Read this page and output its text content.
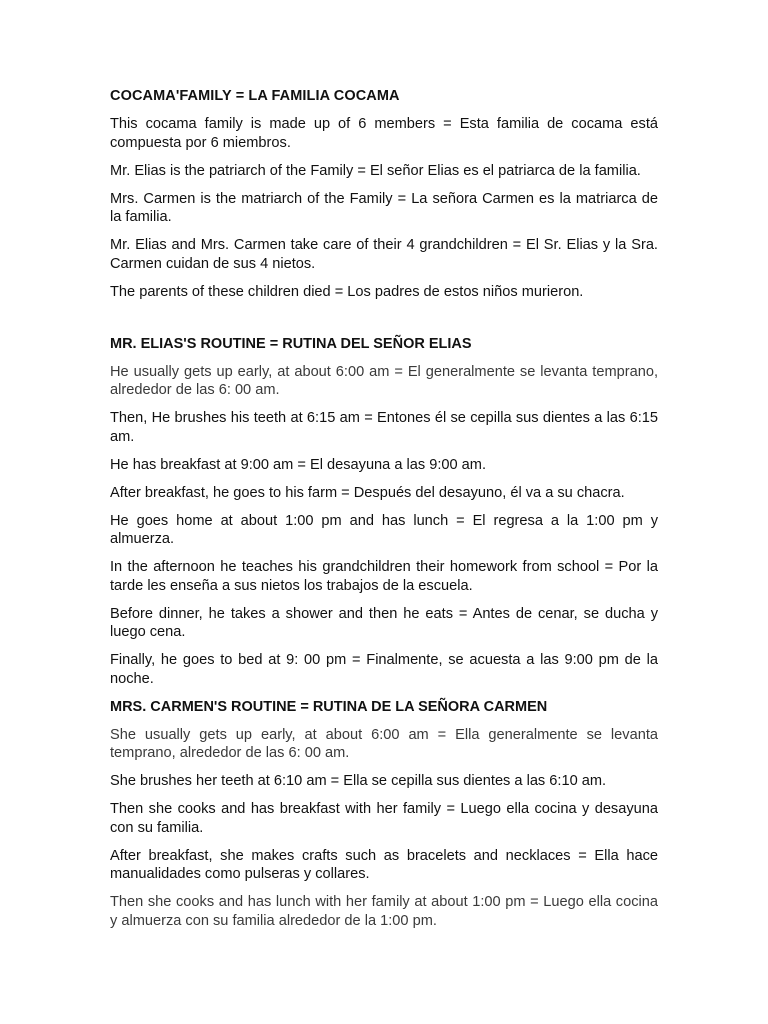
COCAMA'FAMILY = LA FAMILIA COCAMA

This cocama family is made up of 6 members = Esta familia de cocama está compuesta por 6 miembros.

Mr. Elias is the patriarch of the Family = El señor Elias es el patriarca de la familia.

Mrs. Carmen is the matriarch of the Family = La señora Carmen es la matriarca de la familia.

Mr. Elias and Mrs. Carmen take care of their 4 grandchildren = El Sr. Elias y la Sra. Carmen cuidan de sus 4 nietos.

The parents of these children died = Los padres de estos niños murieron.

MR. ELIAS'S ROUTINE = RUTINA DEL SEÑOR ELIAS

He usually gets up early, at about 6:00 am = El generalmente se levanta temprano, alrededor de las 6: 00 am.

Then, He brushes his teeth at 6:15 am = Entones él se cepilla sus dientes a las 6:15 am.

He has breakfast at 9:00 am = El desayuna a las 9:00 am.

After breakfast, he goes to his farm = Después del desayuno, él va a su chacra.

He goes home at about 1:00 pm and has lunch = El regresa a la 1:00 pm y almuerza.

In the afternoon he teaches his grandchildren their homework from school = Por la tarde les enseña a sus nietos los trabajos de la escuela.

Before dinner, he takes a shower and then he eats = Antes de cenar, se ducha y luego cena.

Finally, he goes to bed at 9: 00 pm = Finalmente, se acuesta a las 9:00 pm de la noche.

MRS. CARMEN'S ROUTINE = RUTINA DE LA SEÑORA CARMEN

She usually gets up early, at about 6:00 am = Ella generalmente se levanta temprano, alrededor de las 6: 00 am.

She brushes her teeth at 6:10 am = Ella se cepilla sus dientes a las 6:10 am.

Then she cooks and has breakfast with her family = Luego ella cocina y desayuna con su familia.

After breakfast, she makes crafts such as bracelets and necklaces = Ella hace manualidades como pulseras y collares.

Then she cooks and has lunch with her family at about 1:00 pm = Luego ella cocina y almuerza con su familia alrededor de la 1:00 pm.
